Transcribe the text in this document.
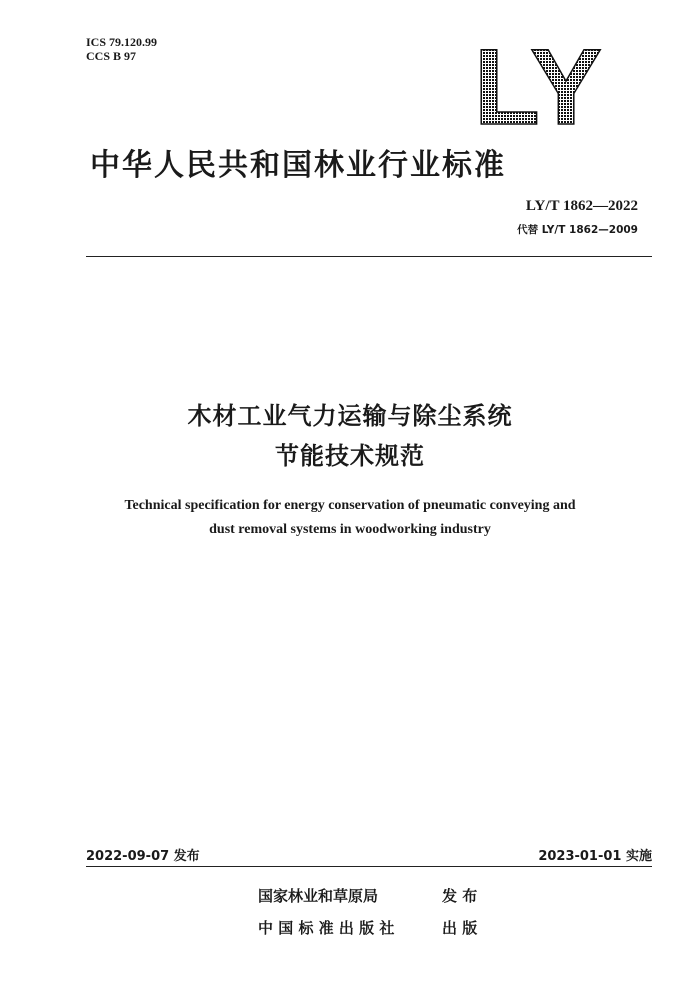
ICS 79.120.99
CCS B 97	LY
中华人民共和国林业行业标准
LY/T 1862—2022
代替 LY/T 1862—2009
木材工业气力运输与除尘系统
节能技术规范
Technical specification for energy conservation of pneumatic conveying and
dust removal systems in woodworking industry
2022-09-07 发布	2023-01-01 实施
国家林业和草原局	发 布
中 国 标 准 出 版 社	出 版
